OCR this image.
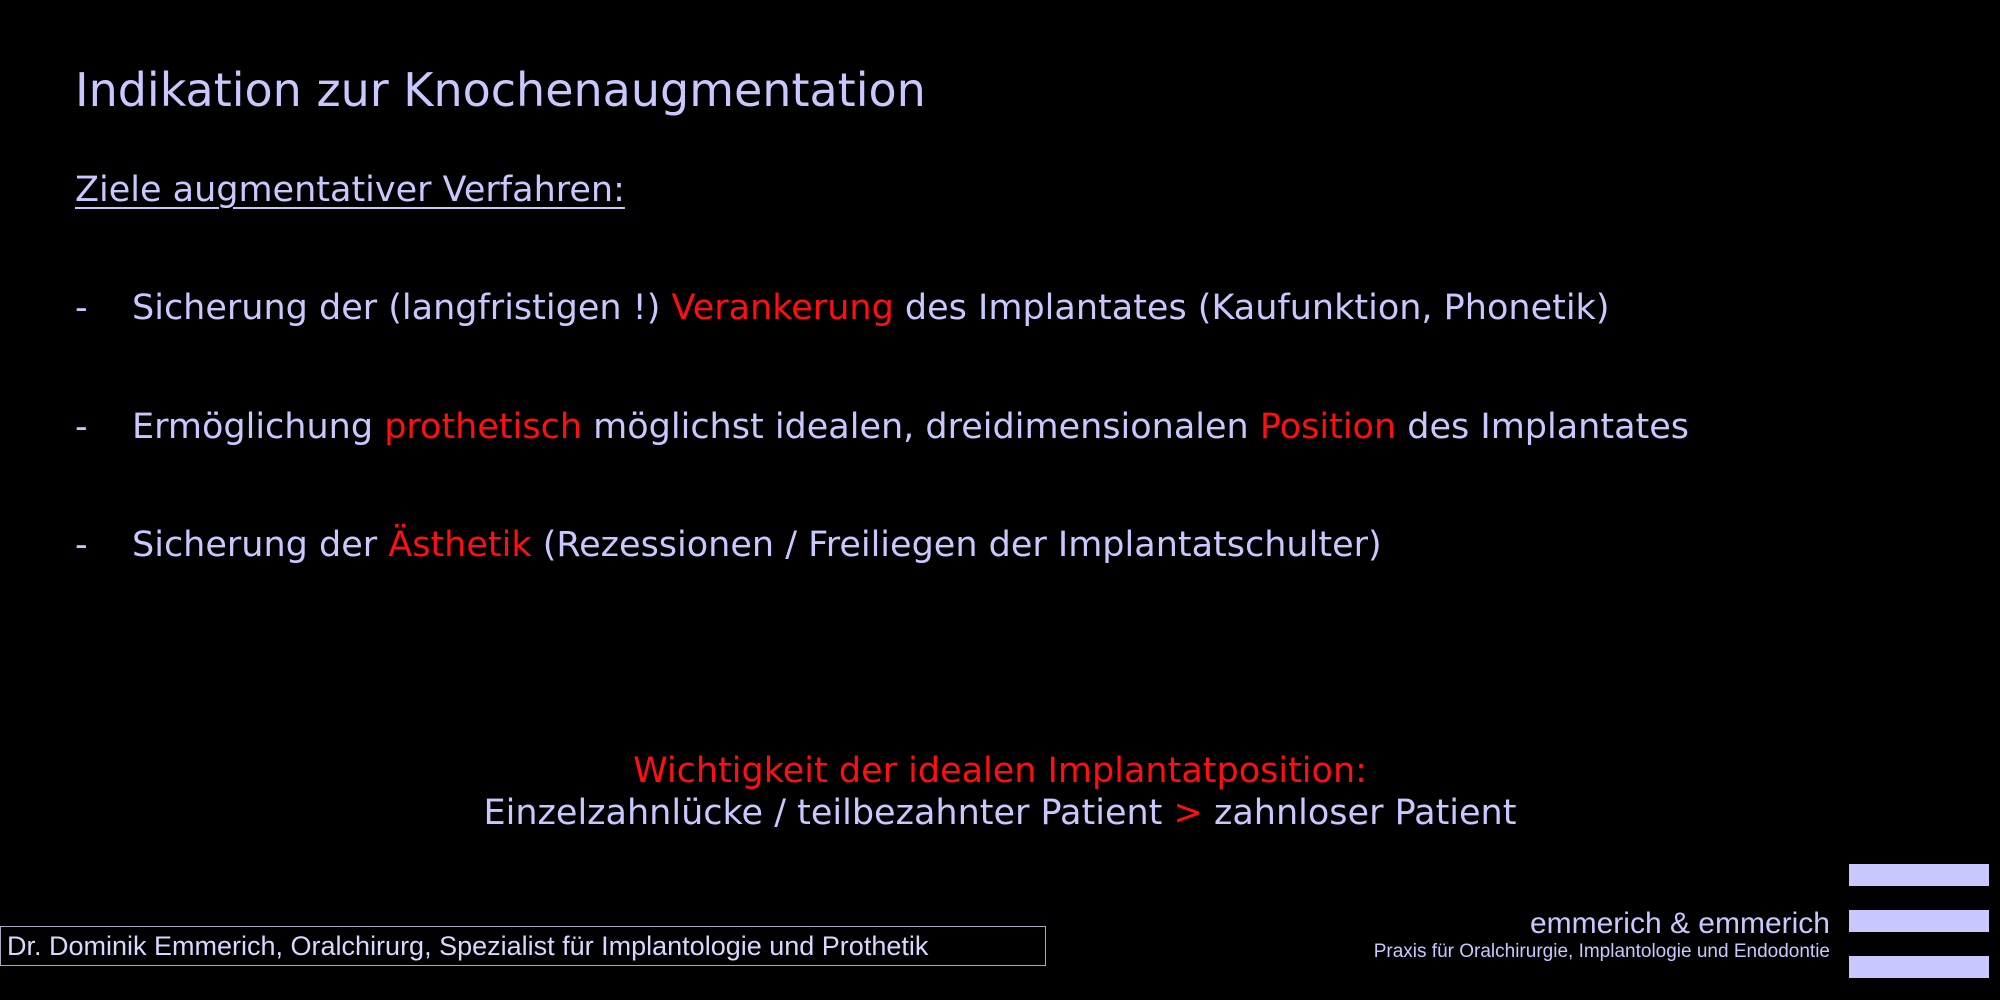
Indikation zur Knochenaugmentation
Ziele augmentativer Verfahren:
- Sicherung der (langfristigen !) Verankerung des Implantates (Kaufunktion, Phonetik)
- Ermöglichung prothetisch möglichst idealen, dreidimensionalen Position des Implantates
- Sicherung der Ästhetik (Rezessionen / Freiliegen der Implantatschulter)
Wichtigkeit der idealen Implantatposition:
Einzelzahnlücke / teilbezahnter Patient > zahnloser Patient
Dr. Dominik Emmerich, Oralchirurg, Spezialist für Implantologie und Prothetik
emmerich & emmerich
Praxis für Oralchirurgie, Implantologie und Endodontie
